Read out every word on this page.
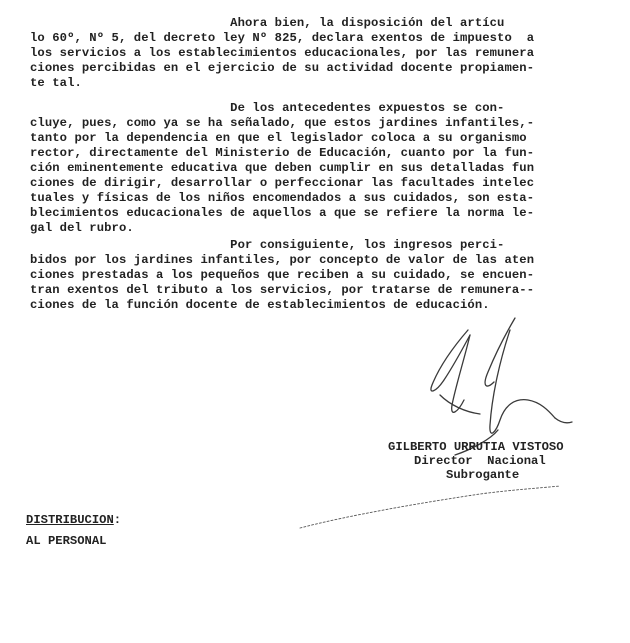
Ahora bien, la disposición del artícu
lo 60º, Nº 5, del decreto ley Nº 825, declara exentos de impuesto  a
los servicios a los establecimientos educacionales, por las remunera
ciones percibidas en el ejercicio de su actividad docente propiamen-
te tal.
De los antecedentes expuestos se con-
cluye, pues, como ya se ha señalado, que estos jardines infantiles,-
tanto por la dependencia en que el legislador coloca a su organismo
rector, directamente del Ministerio de Educación, cuanto por la fun-
ción eminentemente educativa que deben cumplir en sus detalladas fun
ciones de dirigir, desarrollar o perfeccionar las facultades intelec
tuales y físicas de los niños encomendados a sus cuidados, son esta-
blecimientos educacionales de aquellos a que se refiere la norma le-
gal del rubro.
Por consiguiente, los ingresos perci-
bidos por los jardines infantiles, por concepto de valor de las aten
ciones prestadas a los pequeños que reciben a su cuidado, se encuen-
tran exentos del tributo a los servicios, por tratarse de remunera--
ciones de la función docente de establecimientos de educación.
GILBERTO URRUTIA VISTOSO
Director  Nacional
Subrogante
DISTRIBUCION:
AL PERSONAL
